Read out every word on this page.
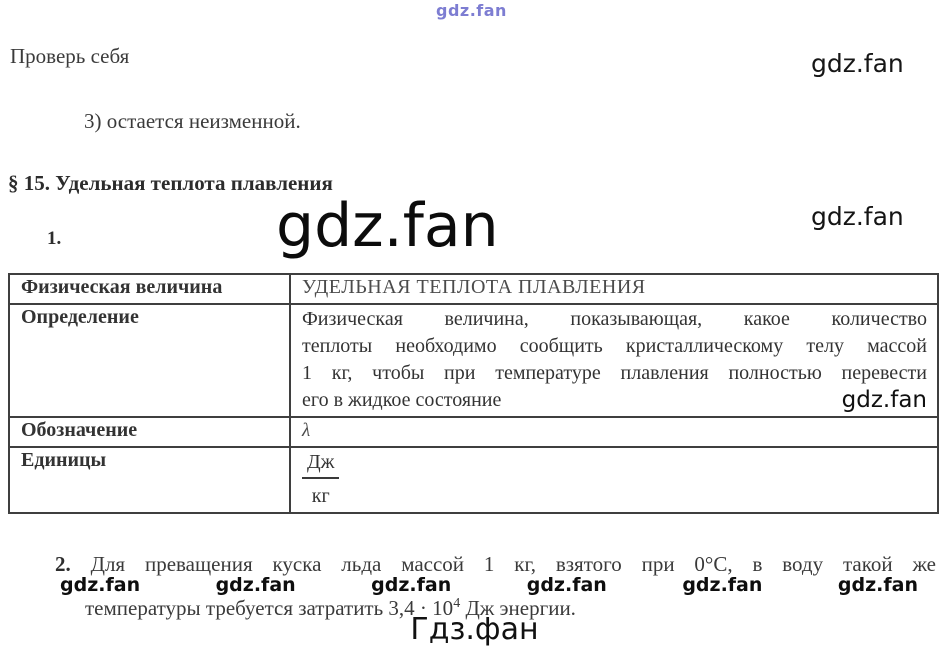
gdz.fan
Проверь себя	gdz.fan
3) остается неизменной.
§ 15. Удельная теплота плавления
1.	gdz.fan	gdz.fan
Физическая величина	УДЕЛЬНАЯ ТЕПЛОТА ПЛАВЛЕНИЯ
Определение	Физическая величина, показывающая, какое количество
теплоты необходимо сообщить кристаллическому телу массой
1 кг, чтобы при температуре плавления полностью перевести
gdz.fan
его в жидкое состояние

Обозначение	λ
Единицы	$\frac{Дж}{кг}$
2. Для преващения куска льда массой 1 кг, взятого при 0°С, в воду такой же
gdz.fan	gdz.fan	gdz.fan	gdz.fan	gdz.fan	gdz.fan
температуры требуется затратить $3,4 \cdot 10^4$ Дж энергии.
Гдз.фан
